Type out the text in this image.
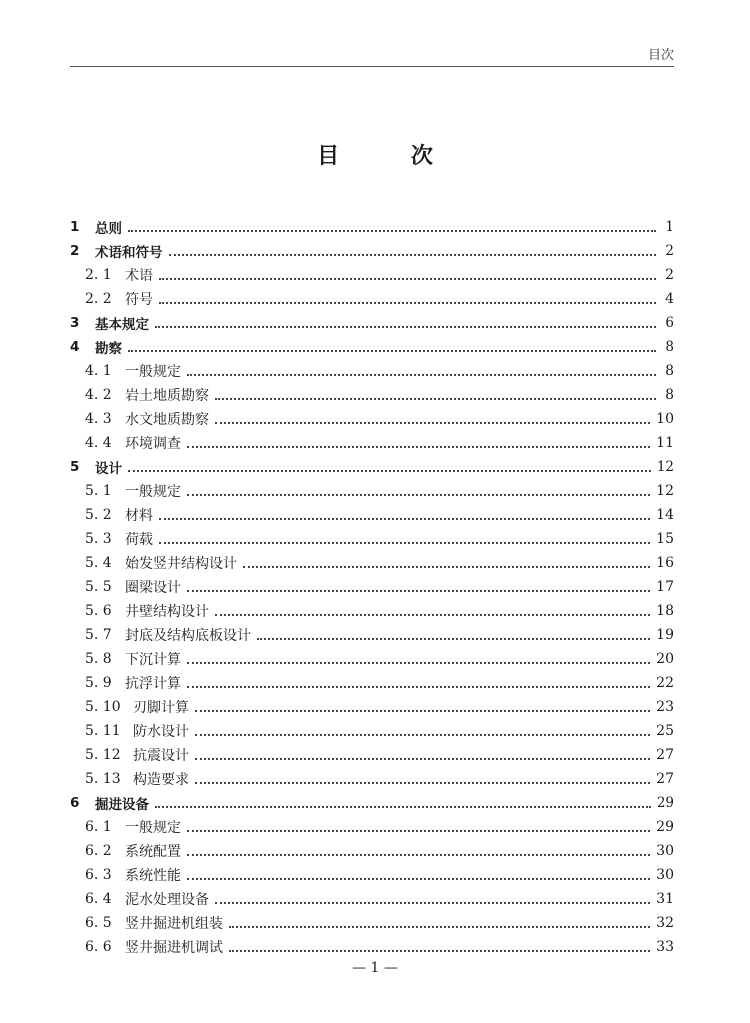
目次
目 次
1	总则	1
2	术语和符号	2
2. 1 术语	2
2. 2 符号	4
3	基本规定	6
4	勘察	8
4. 1 一般规定	8
4. 2 岩土地质勘察	8
4. 3 水文地质勘察	10
4. 4 环境调查	11
5	设计	12
5. 1 一般规定	12
5. 2 材料	14
5. 3 荷载	15
5. 4 始发竖井结构设计	16
5. 5 圈梁设计	17
5. 6 井壁结构设计	18
5. 7 封底及结构底板设计	19
5. 8 下沉计算	20
5. 9 抗浮计算	22
5. 10 刃脚计算	23
5. 11 防水设计	25
5. 12 抗震设计	27
5. 13 构造要求	27
6	掘进设备	29
6. 1 一般规定	29
6. 2 系统配置	30
6. 3 系统性能	30
6. 4 泥水处理设备	31
6. 5 竖井掘进机组装	32
6. 6 竖井掘进机调试	33
— 1 —
